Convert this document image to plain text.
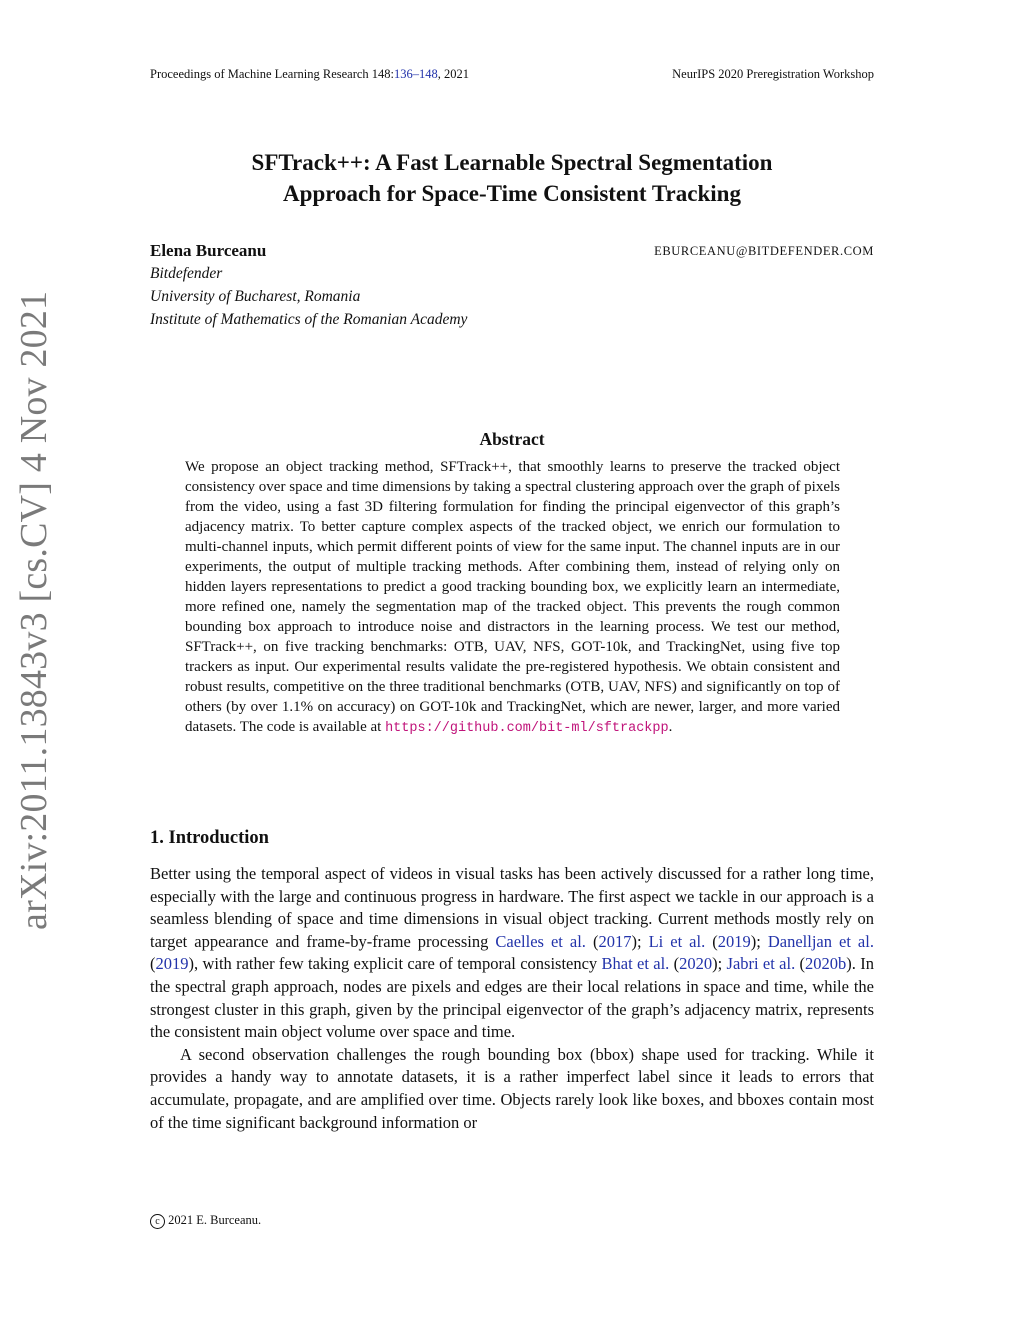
Proceedings of Machine Learning Research 148:136–148, 2021	NeurIPS 2020 Preregistration Workshop
arXiv:2011.13843v3 [cs.CV] 4 Nov 2021
SFTrack++: A Fast Learnable Spectral Segmentation
Approach for Space-Time Consistent Tracking
Elena Burceanu	EBURCEANU@BITDEFENDER.COM
Bitdefender
University of Bucharest, Romania
Institute of Mathematics of the Romanian Academy
Abstract
We propose an object tracking method, SFTrack++, that smoothly learns to preserve the tracked object consistency over space and time dimensions by taking a spectral clustering approach over the graph of pixels from the video, using a fast 3D filtering formulation for finding the principal eigenvector of this graph’s adjacency matrix. To better capture complex aspects of the tracked object, we enrich our formulation to multi-channel inputs, which permit different points of view for the same input. The channel inputs are in our experiments, the output of multiple tracking methods. After combining them, instead of relying only on hidden layers representations to predict a good tracking bounding box, we explicitly learn an intermediate, more refined one, namely the segmentation map of the tracked object. This prevents the rough common bounding box approach to introduce noise and distractors in the learning process. We test our method, SFTrack++, on five tracking benchmarks: OTB, UAV, NFS, GOT-10k, and TrackingNet, using five top trackers as input. Our experimental results validate the pre-registered hypothesis. We obtain consistent and robust results, competitive on the three traditional benchmarks (OTB, UAV, NFS) and significantly on top of others (by over 1.1% on accuracy) on GOT-10k and TrackingNet, which are newer, larger, and more varied datasets. The code is available at https://github.com/bit-ml/sftrackpp.
1. Introduction

Better using the temporal aspect of videos in visual tasks has been actively discussed for a rather long time, especially with the large and continuous progress in hardware. The first aspect we tackle in our approach is a seamless blending of space and time dimensions in visual object tracking. Current methods mostly rely on target appearance and frame-by-frame processing Caelles et al. (2017); Li et al. (2019); Danelljan et al. (2019), with rather few taking explicit care of temporal consistency Bhat et al. (2020); Jabri et al. (2020b). In the spectral graph approach, nodes are pixels and edges are their local relations in space and time, while the strongest cluster in this graph, given by the principal eigenvector of the graph’s adjacency matrix, represents the consistent main object volume over space and time.

A second observation challenges the rough bounding box (bbox) shape used for tracking. While it provides a handy way to annotate datasets, it is a rather imperfect label since it leads to errors that accumulate, propagate, and are amplified over time. Objects rarely look like boxes, and bboxes contain most of the time significant background information or

c 2021 E. Burceanu.
